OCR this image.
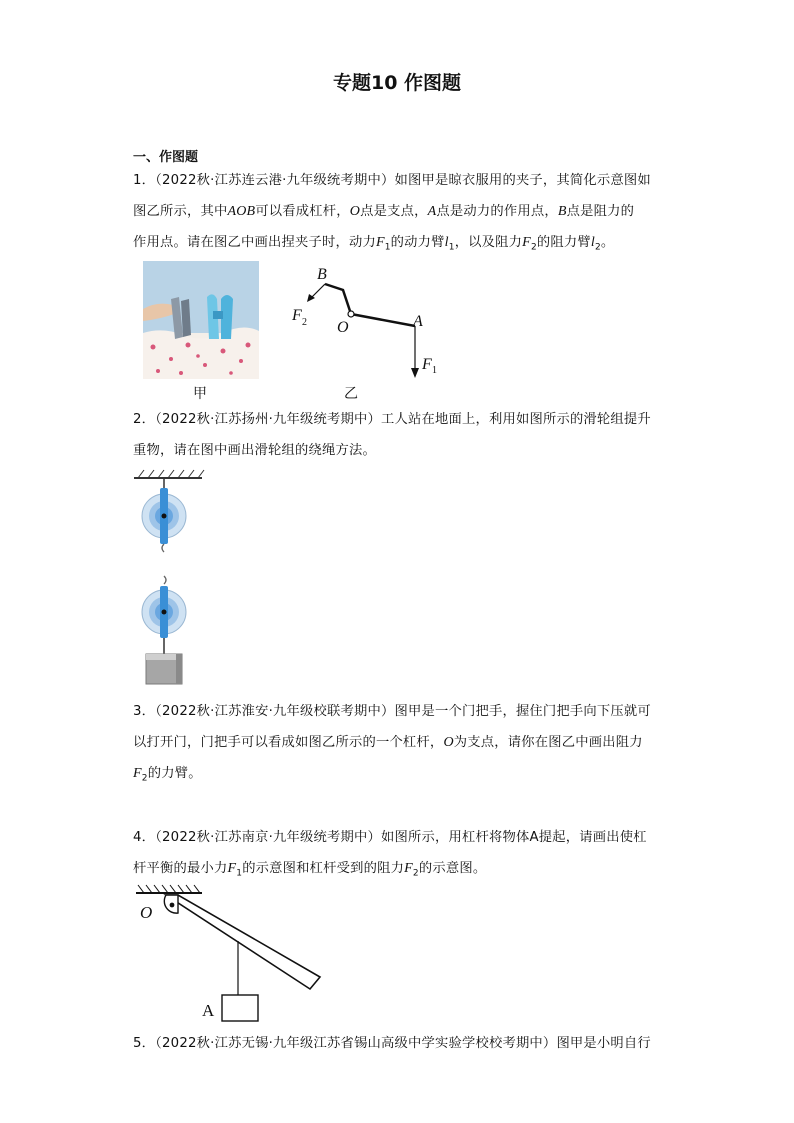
专题10 作图题
一、作图题
1．（2022秋·江苏连云港·九年级统考期中）如图甲是晾衣服用的夹子，其简化示意图如
图乙所示，其中AOB可以看成杠杆，O点是支点，A点是动力的作用点，B点是阻力的
作用点。请在图乙中画出捏夹子时，动力$F_1$的动力臂$l_1$，以及阻力$F_2$的阻力臂$l_2$。
甲
B
O	A
F 2
F 1
乙
2．（2022秋·江苏扬州·九年级统考期中）工人站在地面上，利用如图所示的滑轮组提升
重物，请在图中画出滑轮组的绕绳方法。
3．（2022秋·江苏淮安·九年级校联考期中）图甲是一个门把手，握住门把手向下压就可
以打开门，门把手可以看成如图乙所示的一个杠杆，O为支点，请你在图乙中画出阻力
$F_2$的力臂。
4．（2022秋·江苏南京·九年级统考期中）如图所示，用杠杆将物体A提起，请画出使杠
杆平衡的最小力$F_1$的示意图和杠杆受到的阻力$F_2$的示意图。
O
A
5．（2022秋·江苏无锡·九年级江苏省锡山高级中学实验学校校考期中）图甲是小明自行
